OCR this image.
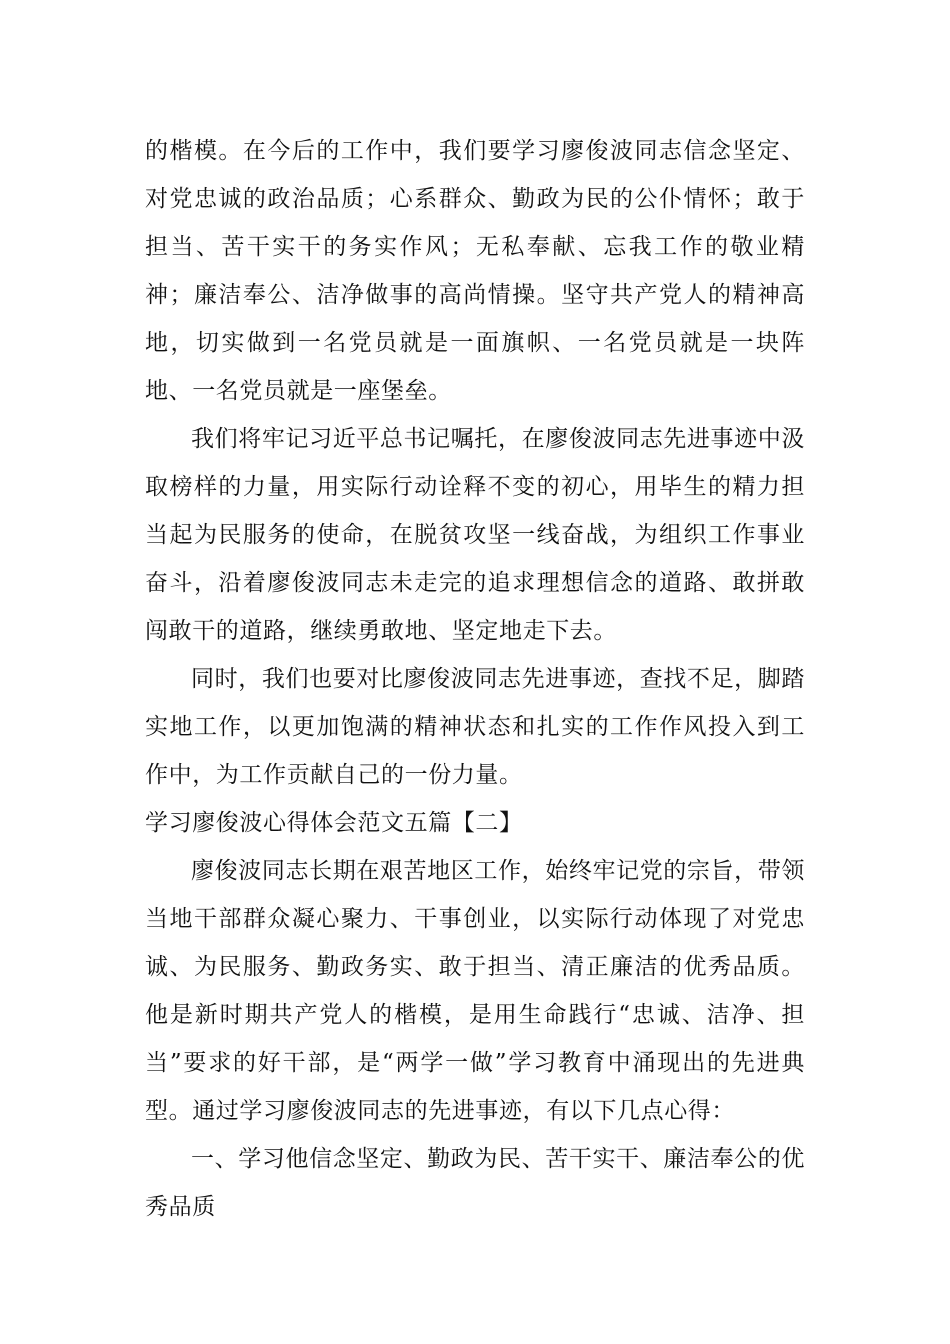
的楷模。在今后的工作中，我们要学习廖俊波同志信念坚定、对党忠诚的政治品质；心系群众、勤政为民的公仆情怀；敢于担当、苦干实干的务实作风；无私奉献、忘我工作的敬业精神；廉洁奉公、洁净做事的高尚情操。坚守共产党人的精神高地，切实做到一名党员就是一面旗帜、一名党员就是一块阵地、一名党员就是一座堡垒。

我们将牢记习近平总书记嘱托，在廖俊波同志先进事迹中汲取榜样的力量，用实际行动诠释不变的初心，用毕生的精力担当起为民服务的使命，在脱贫攻坚一线奋战，为组织工作事业奋斗，沿着廖俊波同志未走完的追求理想信念的道路、敢拼敢闯敢干的道路，继续勇敢地、坚定地走下去。

同时，我们也要对比廖俊波同志先进事迹，查找不足，脚踏实地工作，以更加饱满的精神状态和扎实的工作作风投入到工作中，为工作贡献自己的一份力量。

学习廖俊波心得体会范文五篇【二】

廖俊波同志长期在艰苦地区工作，始终牢记党的宗旨，带领当地干部群众凝心聚力、干事创业，以实际行动体现了对党忠诚、为民服务、勤政务实、敢于担当、清正廉洁的优秀品质。他是新时期共产党人的楷模，是用生命践行“忠诚、洁净、担当”要求的好干部，是“两学一做”学习教育中涌现出的先进典型。通过学习廖俊波同志的先进事迹，有以下几点心得：

一、学习他信念坚定、勤政为民、苦干实干、廉洁奉公的优秀品质
